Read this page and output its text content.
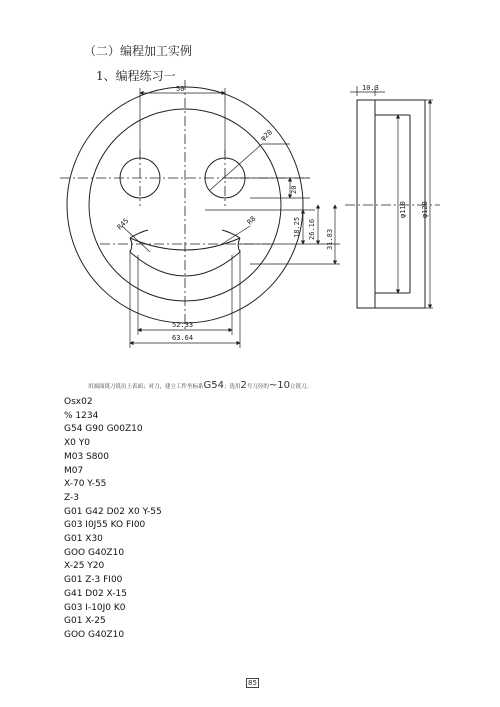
（二）编程加工实例
1、编程练习一
50	10.3
φ20
20
18.25 26.16 31.83
R45	R8
52.33
63.64
φ110 φ120
用端面铣刀铣出上表面；对刀，建立工件坐标系G54；选用2号刀径的~10立铣刀。
Osx02
% 1234
G54 G90 G00Z10
X0 Y0
M03 S800
M07
X-70 Y-55
Z-3
G01 G42 D02 X0 Y-55
G03 I0J55 KO FI00
G01 X30
GOO G40Z10
X-25 Y20
G01 Z-3 FI00
G41 D02 X-15
G03 I-10J0 K0
G01 X-25
GOO G40Z10
85
